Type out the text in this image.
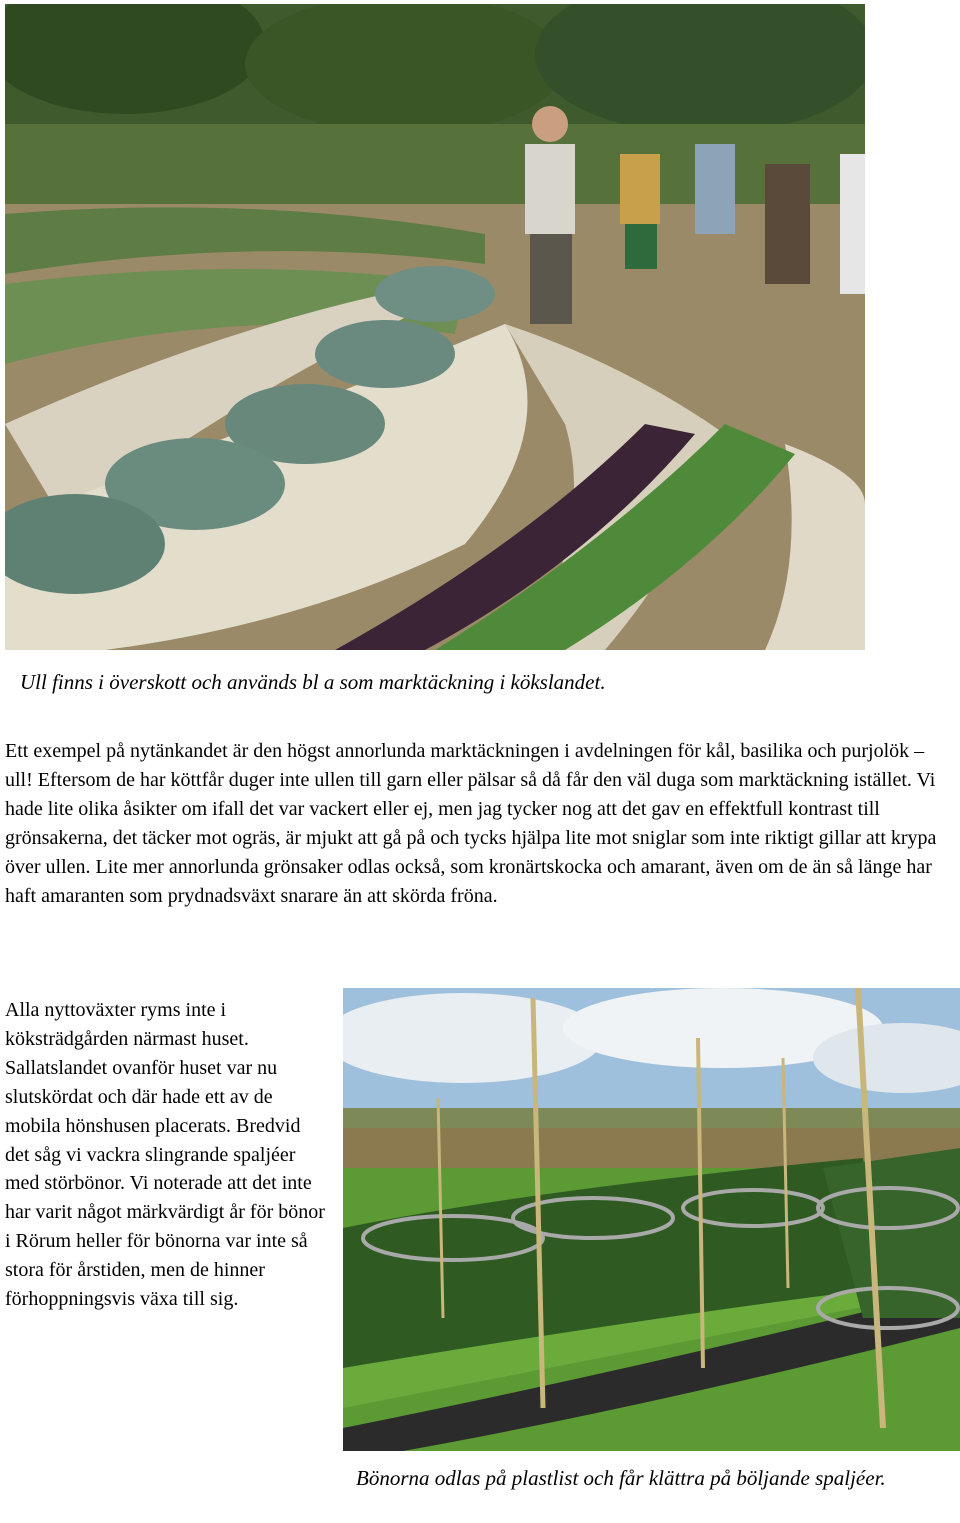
Ull finns i överskott och används bl a som marktäckning i kökslandet.

Ett exempel på nytänkandet är den högst annorlunda marktäckningen i avdelningen för kål, basilika och purjolök –ull! Eftersom de har köttfår duger inte ullen till garn eller pälsar så då får den väl duga som marktäckning istället. Vi hade lite olika åsikter om ifall det var vackert eller ej, men jag tycker nog att det gav en effektfull kontrast till grönsakerna, det täcker mot ogräs, är mjukt att gå på och tycks hjälpa lite mot sniglar som inte riktigt gillar att krypa över ullen. Lite mer annorlunda grönsaker odlas också, som kronärtskocka och amarant, även om de än så länge har haft amaranten som prydnadsväxt snarare än att skörda fröna.

Alla nyttoväxter ryms inte i köksträdgården närmast huset. Sallatslandet ovanför huset var nu slutskördat och där hade ett av de mobila hönshusen placerats. Bredvid det såg vi vackra slingrande spaljéer med störbönor. Vi noterade att det inte har varit något märkvärdigt år för bönor i Rörum heller för bönorna var inte så stora för årstiden, men de hinner förhoppningsvis växa till sig.

Bönorna odlas på plastlist och får klättra på böljande spaljéer.
